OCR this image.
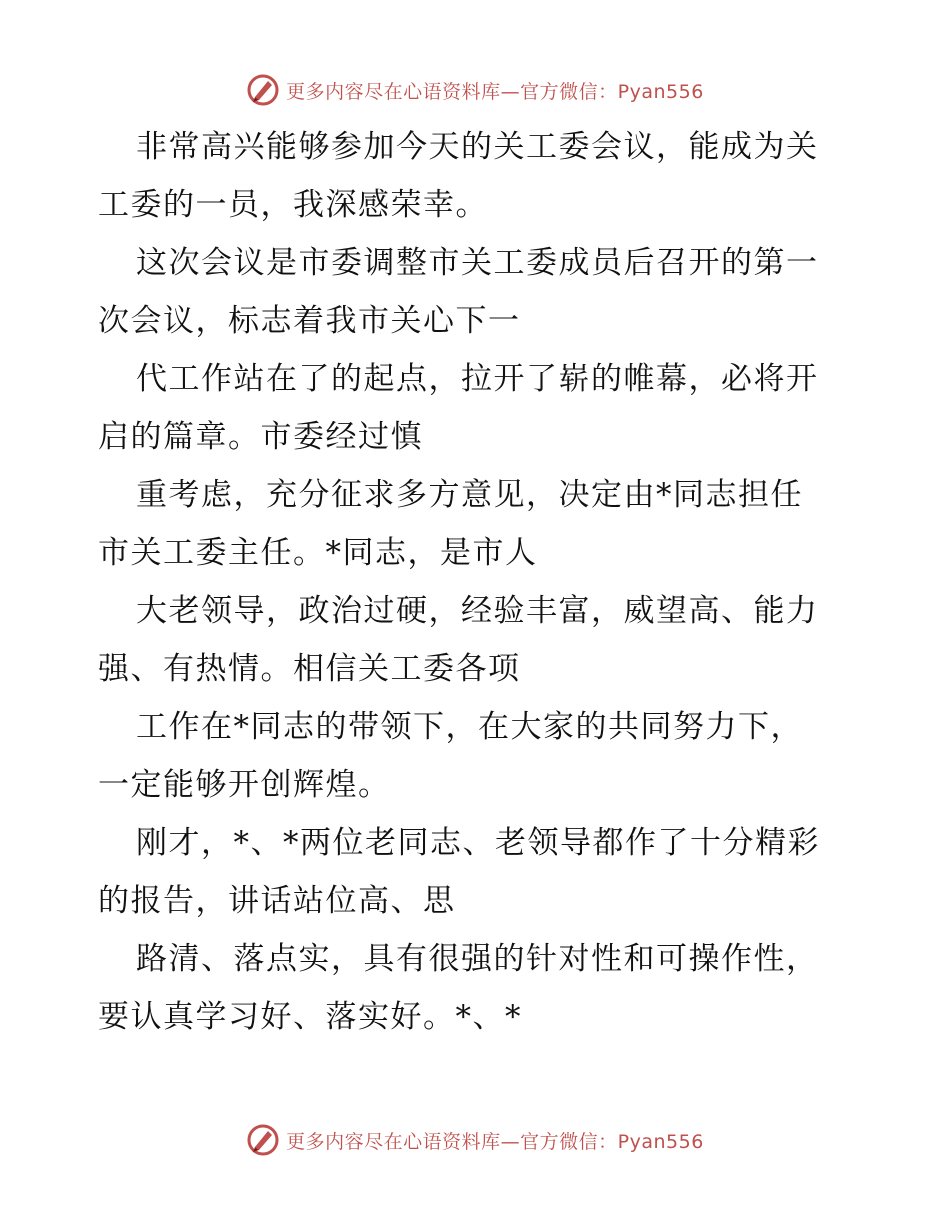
更多内容尽在心语资料库—官方微信：Pyan556

非常高兴能够参加今天的关工委会议，能成为关
工委的一员，我深感荣幸。

这次会议是市委调整市关工委成员后召开的第一
次会议，标志着我市关心下一

代工作站在了的起点，拉开了崭的帷幕，必将开
启的篇章。市委经过慎

重考虑，充分征求多方意见，决定由*同志担任
市关工委主任。*同志，是市人

大老领导，政治过硬，经验丰富，威望高、能力
强、有热情。相信关工委各项

工作在*同志的带领下，在大家的共同努力下，
一定能够开创辉煌。

刚才，*、*两位老同志、老领导都作了十分精彩
的报告，讲话站位高、思

路清、落点实，具有很强的针对性和可操作性，
要认真学习好、落实好。*、*

更多内容尽在心语资料库—官方微信：Pyan556
